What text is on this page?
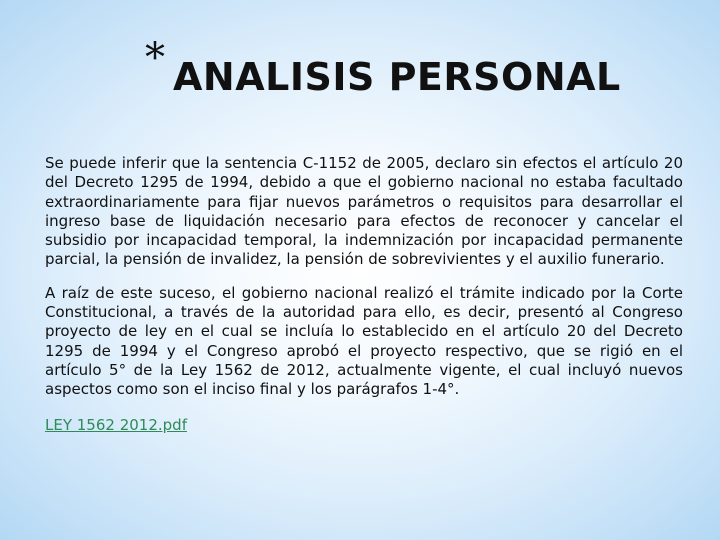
* ANALISIS PERSONAL

Se puede inferir que la sentencia C-1152 de 2005, declaro sin efectos el artículo 20 del Decreto 1295 de 1994, debido a que el gobierno nacional no estaba facultado extraordinariamente para fijar nuevos parámetros o requisitos para desarrollar el ingreso base de liquidación necesario para efectos de reconocer y cancelar el subsidio por incapacidad temporal, la indemnización por incapacidad permanente parcial, la pensión de invalidez, la pensión de sobrevivientes y el auxilio funerario.

A raíz de este suceso, el gobierno nacional realizó el trámite indicado por la Corte Constitucional, a través de la autoridad para ello, es decir, presentó al Congreso proyecto de ley en el cual se incluía lo establecido en el artículo 20 del Decreto 1295 de 1994 y el Congreso aprobó el proyecto respectivo, que se rigió en el artículo 5° de la Ley 1562 de 2012, actualmente vigente, el cual incluyó nuevos aspectos como son el inciso final y los parágrafos 1-4°.

LEY 1562 2012.pdf
